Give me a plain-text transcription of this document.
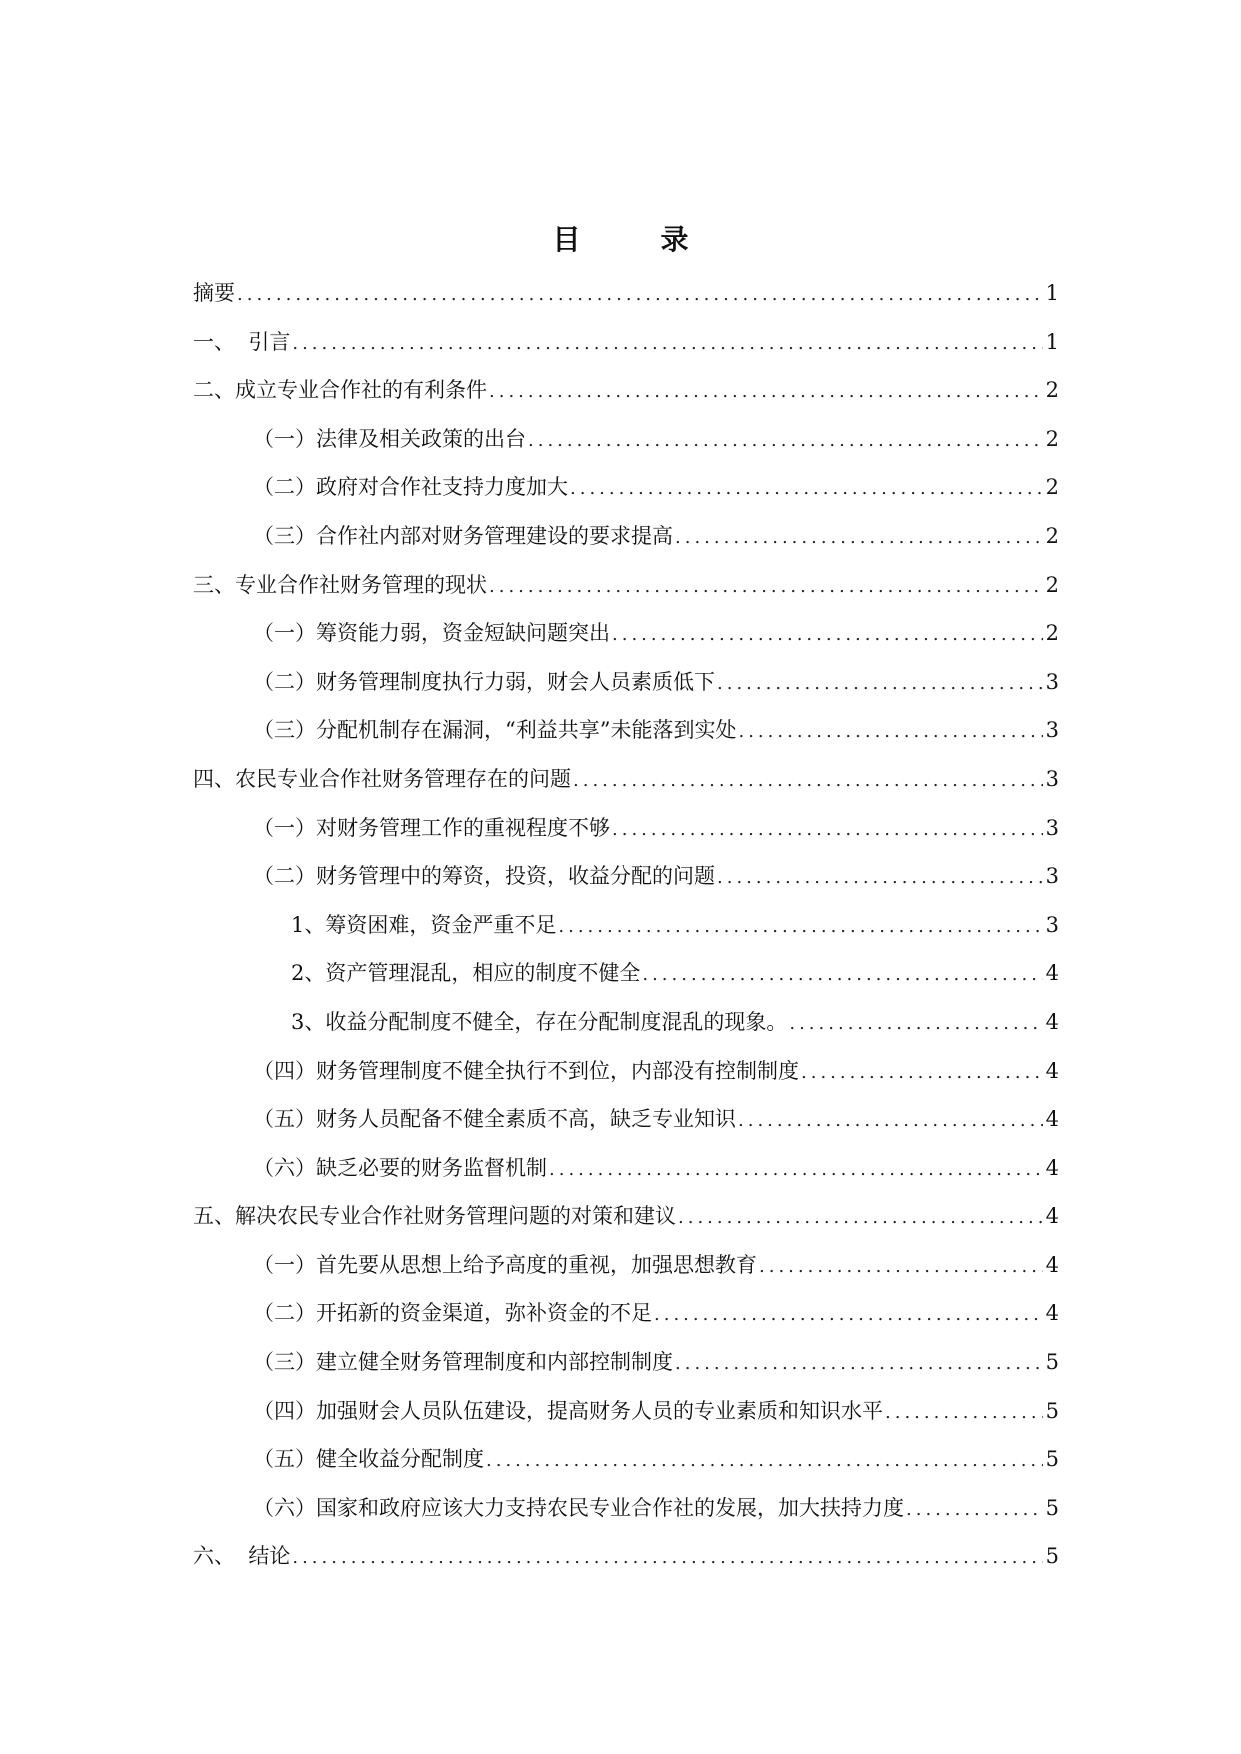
目　录
摘要 .....	1
一、  引言 .....	1
二、成立专业合作社的有利条件 .....	2
（一）法律及相关政策的出台 .....	2
（二）政府对合作社支持力度加大 .....	2
（三）合作社内部对财务管理建设的要求提高 .....	2
三、专业合作社财务管理的现状 .....	2
（一）筹资能力弱，资金短缺问题突出 .....	2
（二）财务管理制度执行力弱，财会人员素质低下 .....	3
（三）分配机制存在漏洞，“利益共享”未能落到实处 .....	3
四、农民专业合作社财务管理存在的问题 .....	3
（一）对财务管理工作的重视程度不够 .....	3
（二）财务管理中的筹资，投资，收益分配的问题 .....	3
1、筹资困难，资金严重不足 .....	3
2、资产管理混乱，相应的制度不健全 .....	4
3、收益分配制度不健全，存在分配制度混乱的现象。 .....	4
（四）财务管理制度不健全执行不到位，内部没有控制制度 .....	4
（五）财务人员配备不健全素质不高，缺乏专业知识 .....	4
（六）缺乏必要的财务监督机制 .....	4
五、解决农民专业合作社财务管理问题的对策和建议 .....	4
（一）首先要从思想上给予高度的重视，加强思想教育 .....	4
（二）开拓新的资金渠道，弥补资金的不足 .....	4
（三）建立健全财务管理制度和内部控制制度 .....	5
（四）加强财会人员队伍建设，提高财务人员的专业素质和知识水平 .....	5
（五）健全收益分配制度 .....	5
（六）国家和政府应该大力支持农民专业合作社的发展，加大扶持力度 .....	5
六、  结论 .....	5
